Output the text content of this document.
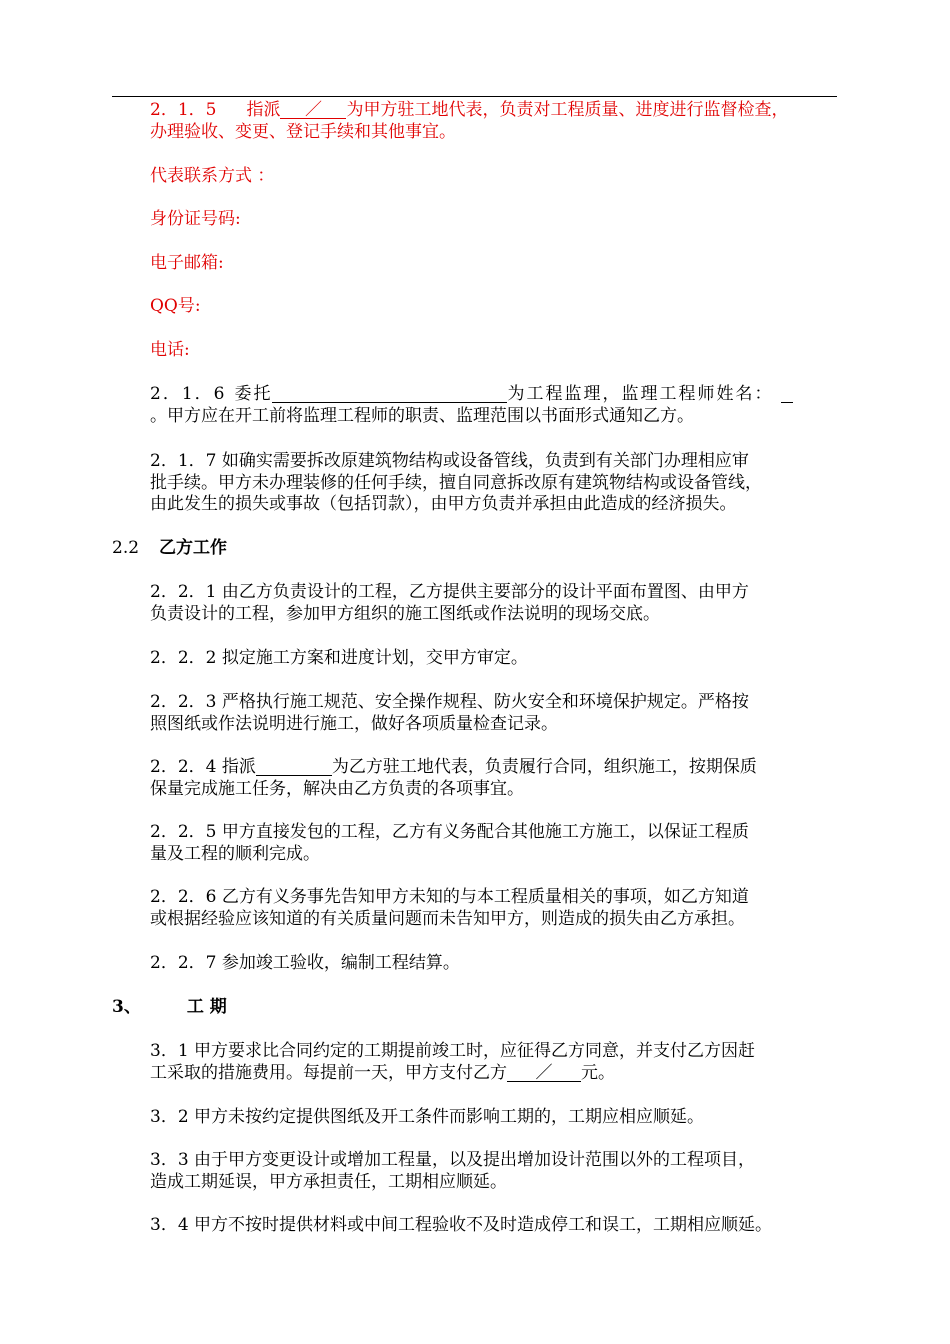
2．1．5 指派 ／ 为甲方驻工地代表，负责对工程质量、进度进行监督检查，
办理验收、变更、登记手续和其他事宜。

代表联系方式 ：

身份证号码:

电子邮箱:

QQ号:

电话:

2．1．6 委托	为工程监理，监理工程师姓名：
。甲方应在开工前将监理工程师的职责、监理范围以书面形式通知乙方。

2．1．7 如确实需要拆改原建筑物结构或设备管线，负责到有关部门办理相应审
批手续。甲方未办理装修的任何手续，擅自同意拆改原有建筑物结构或设备管线，
由此发生的损失或事故（包括罚款），由甲方负责并承担由此造成的经济损失。

2.2 乙方工作

2．2．1 由乙方负责设计的工程，乙方提供主要部分的设计平面布置图、由甲方
负责设计的工程，参加甲方组织的施工图纸或作法说明的现场交底。

2．2．2 拟定施工方案和进度计划，交甲方审定。

2．2．3 严格执行施工规范、安全操作规程、防火安全和环境保护规定。严格按
照图纸或作法说明进行施工，做好各项质量检查记录。

2．2．4 指派	为乙方驻工地代表，负责履行合同，组织施工，按期保质
保量完成施工任务，解决由乙方负责的各项事宜。

2．2．5 甲方直接发包的工程，乙方有义务配合其他施工方施工，以保证工程质
量及工程的顺利完成。

2．2．6 乙方有义务事先告知甲方未知的与本工程质量相关的事项，如乙方知道
或根据经验应该知道的有关质量问题而未告知甲方，则造成的损失由乙方承担。

2．2．7 参加竣工验收，编制工程结算。

3、	工 期

3．1 甲方要求比合同约定的工期提前竣工时，应征得乙方同意，并支付乙方因赶
工采取的措施费用。每提前一天，甲方支付乙方 ／ 元。

3．2 甲方未按约定提供图纸及开工条件而影响工期的，工期应相应顺延。

3．3 由于甲方变更设计或增加工程量，以及提出增加设计范围以外的工程项目，
造成工期延误，甲方承担责任，工期相应顺延。

3．4 甲方不按时提供材料或中间工程验收不及时造成停工和误工，工期相应顺延。
